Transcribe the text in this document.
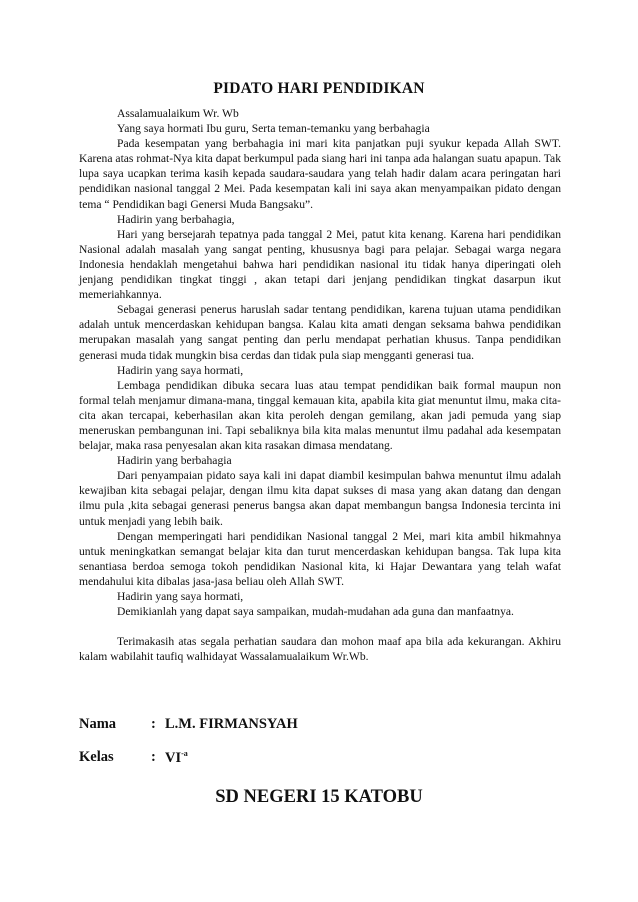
PIDATO HARI PENDIDIKAN

Assalamualaikum Wr. Wb

Yang saya hormati Ibu guru, Serta teman-temanku yang berbahagia

Pada kesempatan yang berbahagia ini mari kita panjatkan puji syukur kepada Allah SWT. Karena atas rohmat-Nya kita dapat berkumpul pada siang hari ini tanpa ada halangan suatu apapun. Tak lupa saya ucapkan terima kasih kepada saudara-saudara yang telah hadir dalam acara peringatan hari pendidikan nasional tanggal 2 Mei. Pada kesempatan kali ini saya akan menyampaikan pidato dengan tema “ Pendidikan bagi Genersi Muda Bangsaku”.

Hadirin yang berbahagia,

Hari yang bersejarah tepatnya pada tanggal 2 Mei, patut kita kenang. Karena hari pendidikan Nasional adalah masalah yang sangat penting, khususnya bagi para pelajar. Sebagai warga negara Indonesia hendaklah mengetahui bahwa hari pendidikan nasional itu tidak hanya diperingati oleh jenjang pendidikan tingkat tinggi , akan tetapi dari jenjang pendidikan tingkat dasarpun ikut memeriahkannya.

Sebagai generasi penerus haruslah sadar tentang pendidikan, karena tujuan utama pendidikan adalah untuk mencerdaskan kehidupan bangsa. Kalau kita amati dengan seksama bahwa pendidikan merupakan masalah yang sangat penting dan perlu mendapat perhatian khusus. Tanpa pendidikan generasi muda tidak mungkin bisa cerdas dan tidak pula siap mengganti generasi tua.

Hadirin yang saya hormati,

Lembaga pendidikan dibuka secara luas atau tempat pendidikan baik formal maupun non formal telah menjamur dimana-mana, tinggal kemauan kita, apabila kita giat menuntut ilmu, maka cita-cita akan tercapai, keberhasilan akan kita peroleh dengan gemilang, akan jadi pemuda yang siap meneruskan pembangunan ini. Tapi sebaliknya bila kita malas menuntut ilmu padahal ada kesempatan belajar, maka rasa penyesalan akan kita rasakan dimasa mendatang.

Hadirin yang berbahagia

Dari penyampaian pidato saya kali ini dapat diambil kesimpulan bahwa menuntut ilmu adalah kewajiban kita sebagai pelajar, dengan ilmu kita dapat sukses di masa yang akan datang dan dengan ilmu pula ,kita sebagai generasi penerus bangsa akan dapat membangun bangsa Indonesia tercinta ini untuk menjadi yang lebih baik.

Dengan memperingati hari pendidikan Nasional tanggal 2 Mei, mari kita ambil hikmahnya untuk meningkatkan semangat belajar kita dan turut mencerdaskan kehidupan bangsa. Tak lupa kita senantiasa berdoa semoga tokoh pendidikan Nasional kita, ki Hajar Dewantara yang telah wafat mendahului kita dibalas jasa-jasa beliau oleh Allah SWT.

Hadirin yang saya hormati,

Demikianlah yang dapat saya sampaikan, mudah-mudahan ada guna dan manfaatnya.

Terimakasih atas segala perhatian saudara dan mohon maaf apa bila ada kekurangan. Akhiru kalam wabilahit taufiq walhidayat Wassalamualaikum Wr.Wb.

Nama : L.M. FIRMANSYAH
Kelas	: $VI^{-a}$
SD NEGERI 15 KATOBU
